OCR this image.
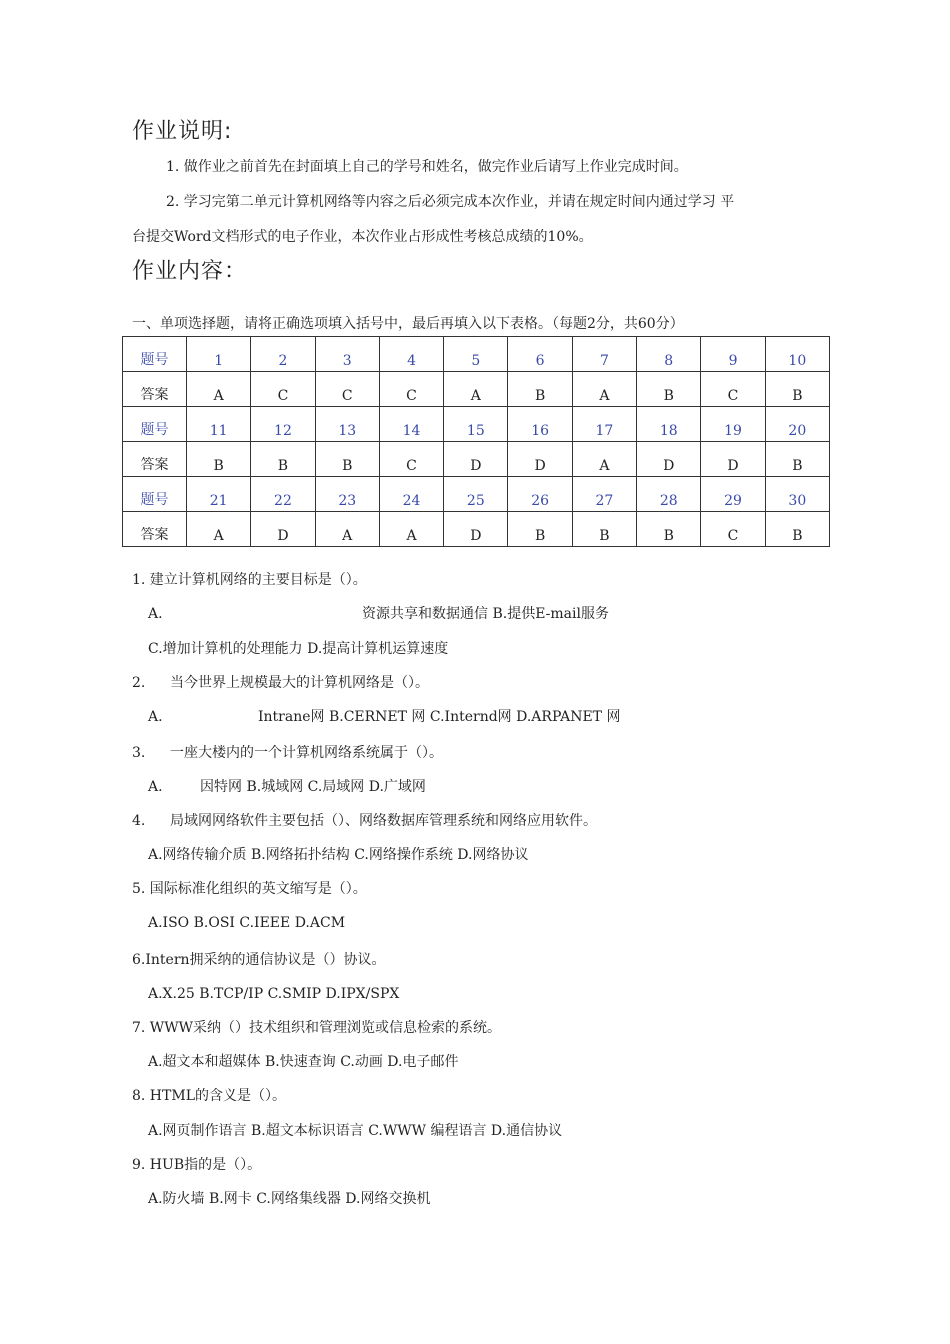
作业说明:
1. 做作业之前首先在封面填上自己的学号和姓名，做完作业后请写上作业完成时间。
2. 学习完第二单元计算机网络等内容之后必须完成本次作业，并请在规定时间内通过学习 平
台提交Word文档形式的电子作业，本次作业占形成性考核总成绩的10%。
作业内容：
一、单项选择题，请将正确选项填入括号中，最后再填入以下表格。（每题2分，共60分）
题号	1	2	3	4	5	6	7	8	9	10
答案	A	C	C	C	A	B	A	B	C	B
题号	11	12	13	14	15	16	17	18	19	20
答案	B	B	B	C	D	D	A	D	D	B
题号	21	22	23	24	25	26	27	28	29	30
答案	A	D	A	A	D	B	B	B	C	B
1. 建立计算机网络的主要目标是（）。
A.	资源共享和数据通信 B.提供E-mail服务
C.增加计算机的处理能力 D.提高计算机运算速度
2. 当今世界上规模最大的计算机网络是（）。
A.	Intrane网 B.CERNET 网 C.Internd网 D.ARPANET 网
3. 一座大楼内的一个计算机网络系统属于（）。
A.	因特网 B.城域网 C.局域网 D.广域网
4. 局域网网络软件主要包括（）、网络数据库管理系统和网络应用软件。
A.网络传输介质 B.网络拓扑结构 C.网络操作系统 D.网络协议
5. 国际标准化组织的英文缩写是（）。
A.ISO B.OSI C.IEEE D.ACM
6.Intern拥采纳的通信协议是（）协议。
A.X.25 B.TCP/IP C.SMIP D.IPX/SPX
7. WWW采纳（）技术组织和管理浏览或信息检索的系统。
A.超文本和超媒体 B.快速查询 C.动画 D.电子邮件
8. HTML的含义是（）。
A.网页制作语言 B.超文本标识语言 C.WWW 编程语言 D.通信协议
9. HUB指的是（）。
A.防火墙 B.网卡 C.网络集线器 D.网络交换机
